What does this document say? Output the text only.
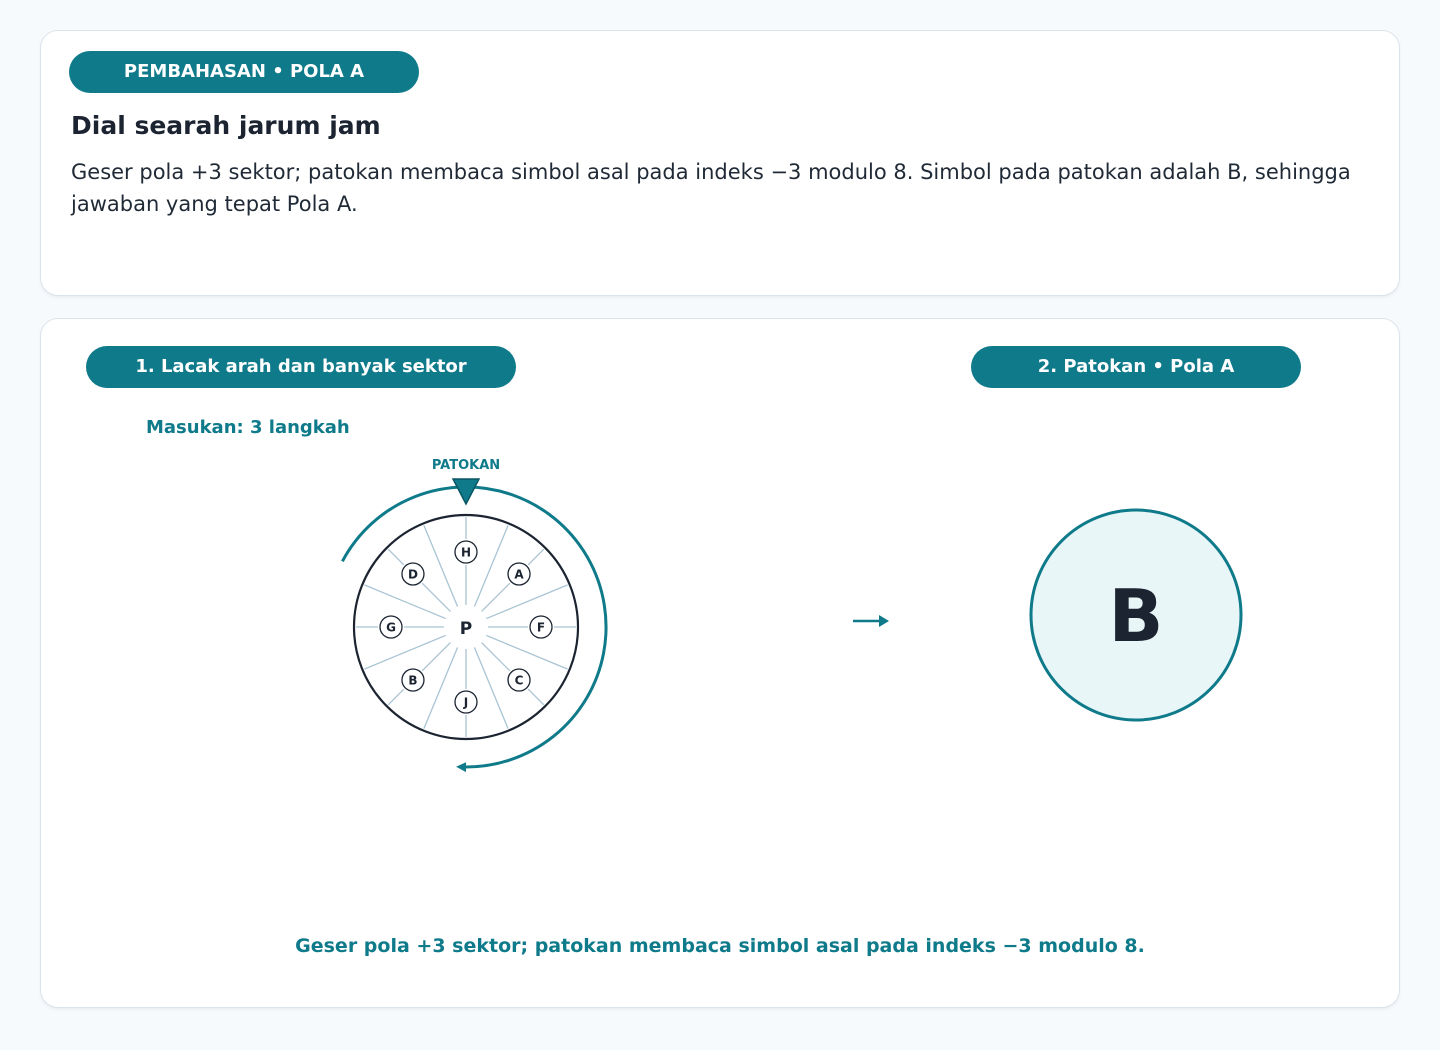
PEMBAHASAN • POLA A
Dial searah jarum jam

Geser pola +3 sektor; patokan membaca simbol asal pada indeks −3 modulo 8. Simbol pada patokan adalah B, sehingga jawaban yang tepat Pola A.

1. Lacak arah dan banyak sektor	2. Patokan • Pola A
Masukan: 3 langkah
H
A
F
C
J
B
G
D
P
PATOKAN
B
Geser pola +3 sektor; patokan membaca simbol asal pada indeks −3 modulo 8.
